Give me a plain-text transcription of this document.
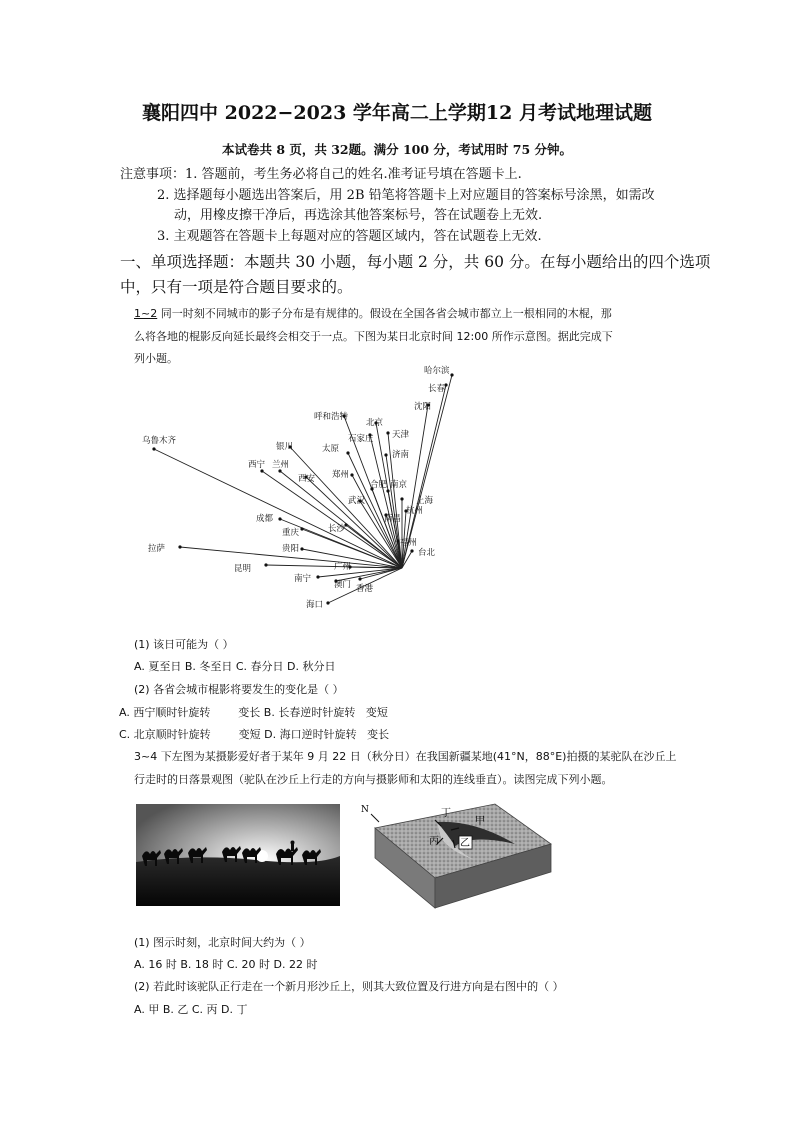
襄阳四中 2022−2023 学年高二上学期12 月考试地理试题
本试卷共 8 页，共 32题。满分 100 分，考试用时 75 分钟。
注意事项：1. 答题前，考生务必将自己的姓名.准考证号填在答题卡上.
2. 选择题每小题选出答案后，用 2B 铅笔将答题卡上对应题目的答案标号涂黑，如需改
动，用橡皮擦干净后，再选涂其他答案标号，答在试题卷上无效.
3. 主观题答在答题卡上每题对应的答题区域内，答在试题卷上无效.
一、单项选择题：本题共 30 小题，每小题 2 分，共 60 分。在每小题给出的四个选项
中，只有一项是符合题目要求的。
1~2 同一时刻不同城市的影子分布是有规律的。假设在全国各省会城市都立上一根相同的木棍，那
么将各地的棍影反向延长最终会相交于一点。下图为某日北京时间 12:00 所作示意图。据此完成下
列小题。
哈尔滨
长春
沈阳
呼和浩特
北京
天津
石家庄
乌鲁木齐
银川	太原
济南
西宁 兰州
西安 郑州
合肥 南京
武汉	上海
杭州
成都
重庆	长沙
南昌
福州
拉萨	贵阳	台北
昆明	广州
南宁
澳门 香港
海口
(1) 该日可能为（ ）
A. 夏至日 B. 冬至日 C. 春分日 D. 秋分日
(2) 各省会城市棍影将要发生的变化是（ ）
A. 西宁顺时针旋转        变长 B. 长春逆时针旋转   变短
C. 北京顺时针旋转        变短 D. 海口逆时针旋转   变长
3~4 下左图为某摄影爱好者于某年 9 月 22 日（秋分日）在我国新疆某地(41°N，88°E)拍摄的某驼队在沙丘上
行走时的日落景观图（驼队在沙丘上行走的方向与摄影师和太阳的连线垂直）。读图完成下列小题。
N	丁
甲
丙 乙
(1) 图示时刻，北京时间大约为（ ）
A. 16 时 B. 18 时 C. 20 时 D. 22 时
(2) 若此时该驼队正行走在一个新月形沙丘上，则其大致位置及行进方向是右图中的（ ）
A. 甲 B. 乙 C. 丙 D. 丁
